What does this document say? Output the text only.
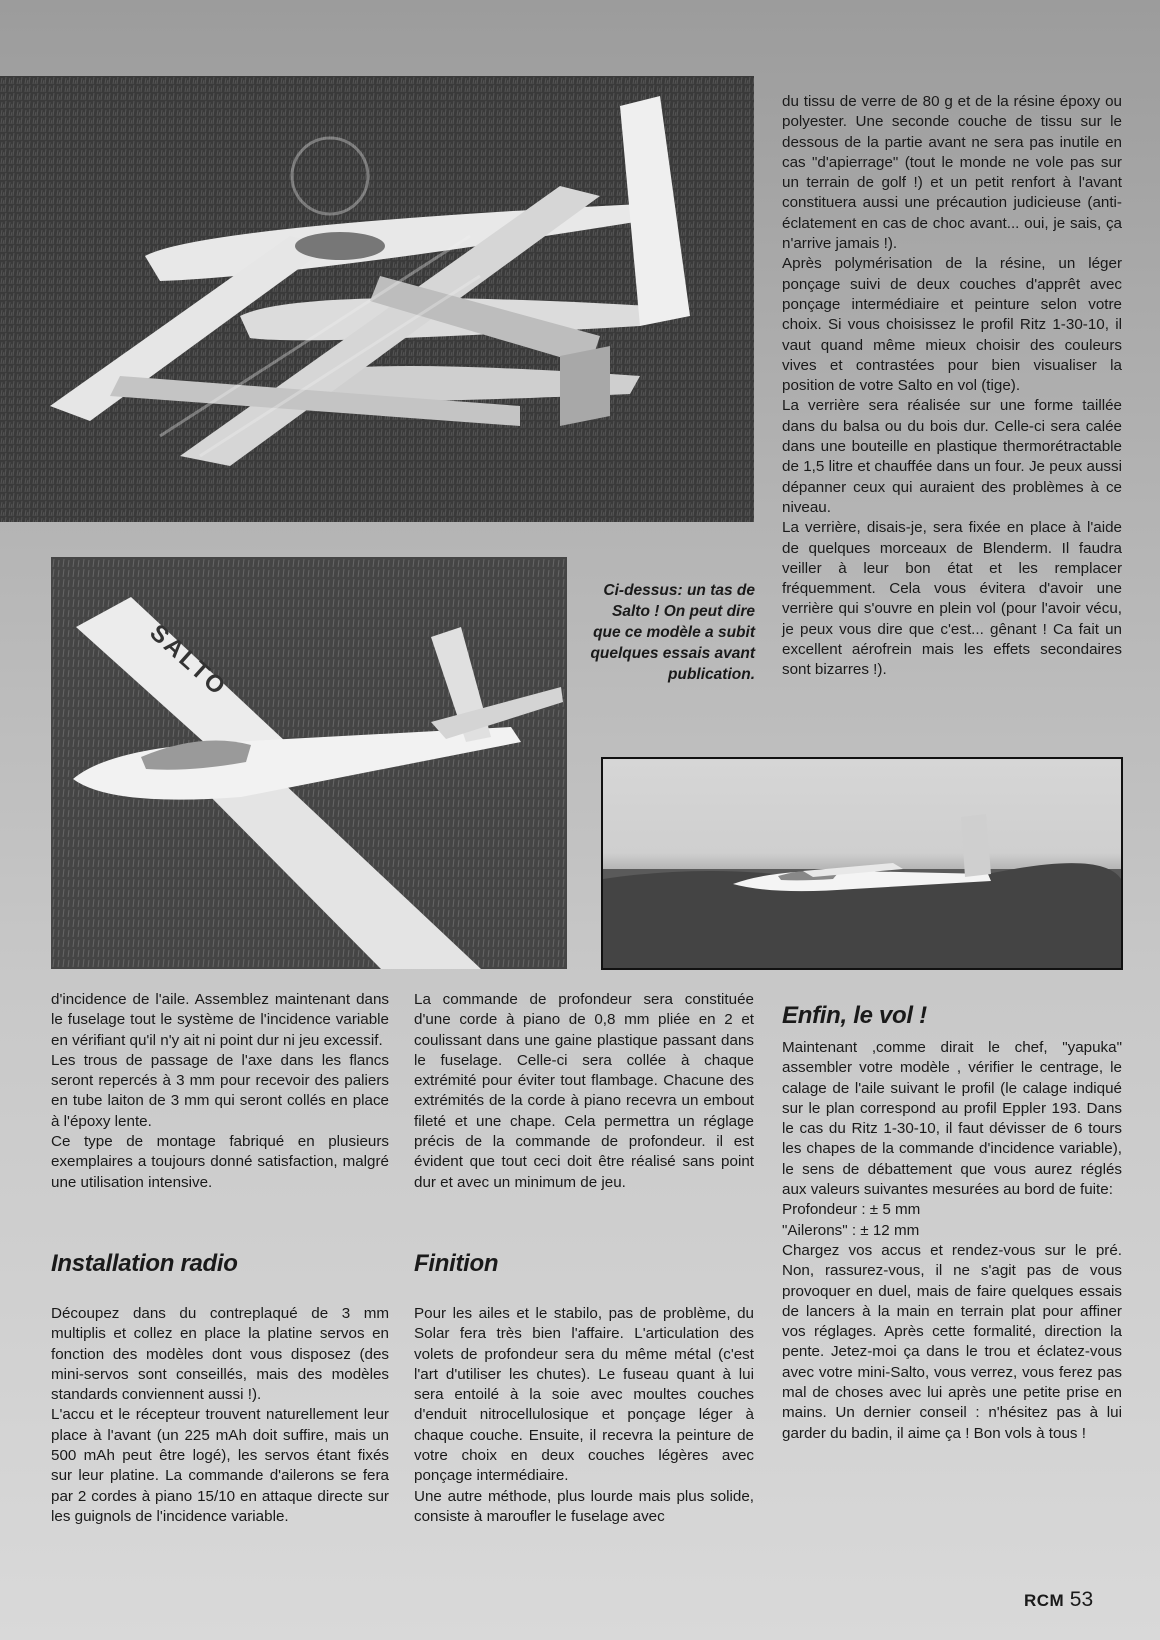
du tissu de verre de 80 g et de la résine époxy ou polyester. Une seconde couche de tissu sur le dessous de la partie avant ne sera pas inutile en cas "d'apierrage" (tout le monde ne vole pas sur un terrain de golf !) et un petit renfort à l'avant constituera aussi une précaution judicieuse (anti-éclatement en cas de choc avant... oui, je sais, ça n'arrive jamais !).

Après polymérisation de la résine, un léger ponçage suivi de deux couches d'apprêt avec ponçage intermédiaire et peinture selon votre choix. Si vous choisissez le profil Ritz 1-30-10, il vaut quand même mieux choisir des couleurs vives et contrastées pour bien visualiser la position de votre Salto en vol (tige).

La verrière sera réalisée sur une forme taillée dans du balsa ou du bois dur. Celle-ci sera calée dans une bouteille en plastique thermorétractable de 1,5 litre et chauffée dans un four. Je peux aussi dépanner ceux qui auraient des problèmes à ce niveau.

La verrière, disais-je, sera fixée en place à l'aide de quelques morceaux de Blenderm. Il faudra veiller à leur bon état et les remplacer fréquemment. Cela vous évitera d'avoir une verrière qui s'ouvre en plein vol (pour l'avoir vécu, je peux vous dire que c'est... gênant ! Ca fait un excellent aérofrein mais les effets secondaires sont bizarres !).

SALTO
Ci-dessus: un tas de Salto ! On peut dire que ce modèle a subit quelques essais avant publication.

d'incidence de l'aile. Assemblez maintenant dans le fuselage tout le système de l'incidence variable en vérifiant qu'il n'y ait ni point dur ni jeu excessif.

Les trous de passage de l'axe dans les flancs seront repercés à 3 mm pour recevoir des paliers en tube laiton de 3 mm qui seront collés en place à l'époxy lente.

Ce type de montage fabriqué en plusieurs exemplaires a toujours donné satisfaction, malgré une utilisation intensive.

Installation radio

Découpez dans du contreplaqué de 3 mm multiplis et collez en place la platine servos en fonction des modèles dont vous disposez (des mini-servos sont conseillés, mais des modèles standards conviennent aussi !).

L'accu et le récepteur trouvent naturellement leur place à l'avant (un 225 mAh doit suffire, mais un 500 mAh peut être logé), les servos étant fixés sur leur platine. La commande d'ailerons se fera par 2 cordes à piano 15/10 en attaque directe sur les guignols de l'incidence variable.

La commande de profondeur sera constituée d'une corde à piano de 0,8 mm pliée en 2 et coulissant dans une gaine plastique passant dans le fuselage. Celle-ci sera collée à chaque extrémité pour éviter tout flambage. Chacune des extrémités de la corde à piano recevra un embout fileté et une chape. Cela permettra un réglage précis de la commande de profondeur. il est évident que tout ceci doit être réalisé sans point dur et avec un minimum de jeu.

Finition

Pour les ailes et le stabilo, pas de problème, du Solar fera très bien l'affaire. L'articulation des volets de profondeur sera du même métal (c'est l'art d'utiliser les chutes). Le fuseau quant à lui sera entoilé à la soie avec moultes couches d'enduit nitrocellulosique et ponçage léger à chaque couche. Ensuite, il recevra la peinture de votre choix en deux couches légères avec ponçage intermédiaire.

Une autre méthode, plus lourde mais plus solide, consiste à maroufler le fuselage avec

Enfin, le vol !

Maintenant ,comme dirait le chef, "yapuka" assembler votre modèle , vérifier le centrage, le calage de l'aile suivant le profil (le calage indiqué sur le plan correspond au profil Eppler 193. Dans le cas du Ritz 1-30-10, il faut dévisser de 6 tours les chapes de la commande d'incidence variable), le sens de débattement que vous aurez réglés aux valeurs suivantes mesurées au bord de fuite:

Profondeur : ± 5 mm

"Ailerons" : ± 12 mm

Chargez vos accus et rendez-vous sur le pré. Non, rassurez-vous, il ne s'agit pas de vous provoquer en duel, mais de faire quelques essais de lancers à la main en terrain plat pour affiner vos réglages. Après cette formalité, direction la pente. Jetez-moi ça dans le trou et éclatez-vous avec votre mini-Salto, vous verrez, vous ferez pas mal de choses avec lui après une petite prise en mains. Un dernier conseil : n'hésitez pas à lui garder du badin, il aime ça ! Bon vols à tous !

RCM 53
